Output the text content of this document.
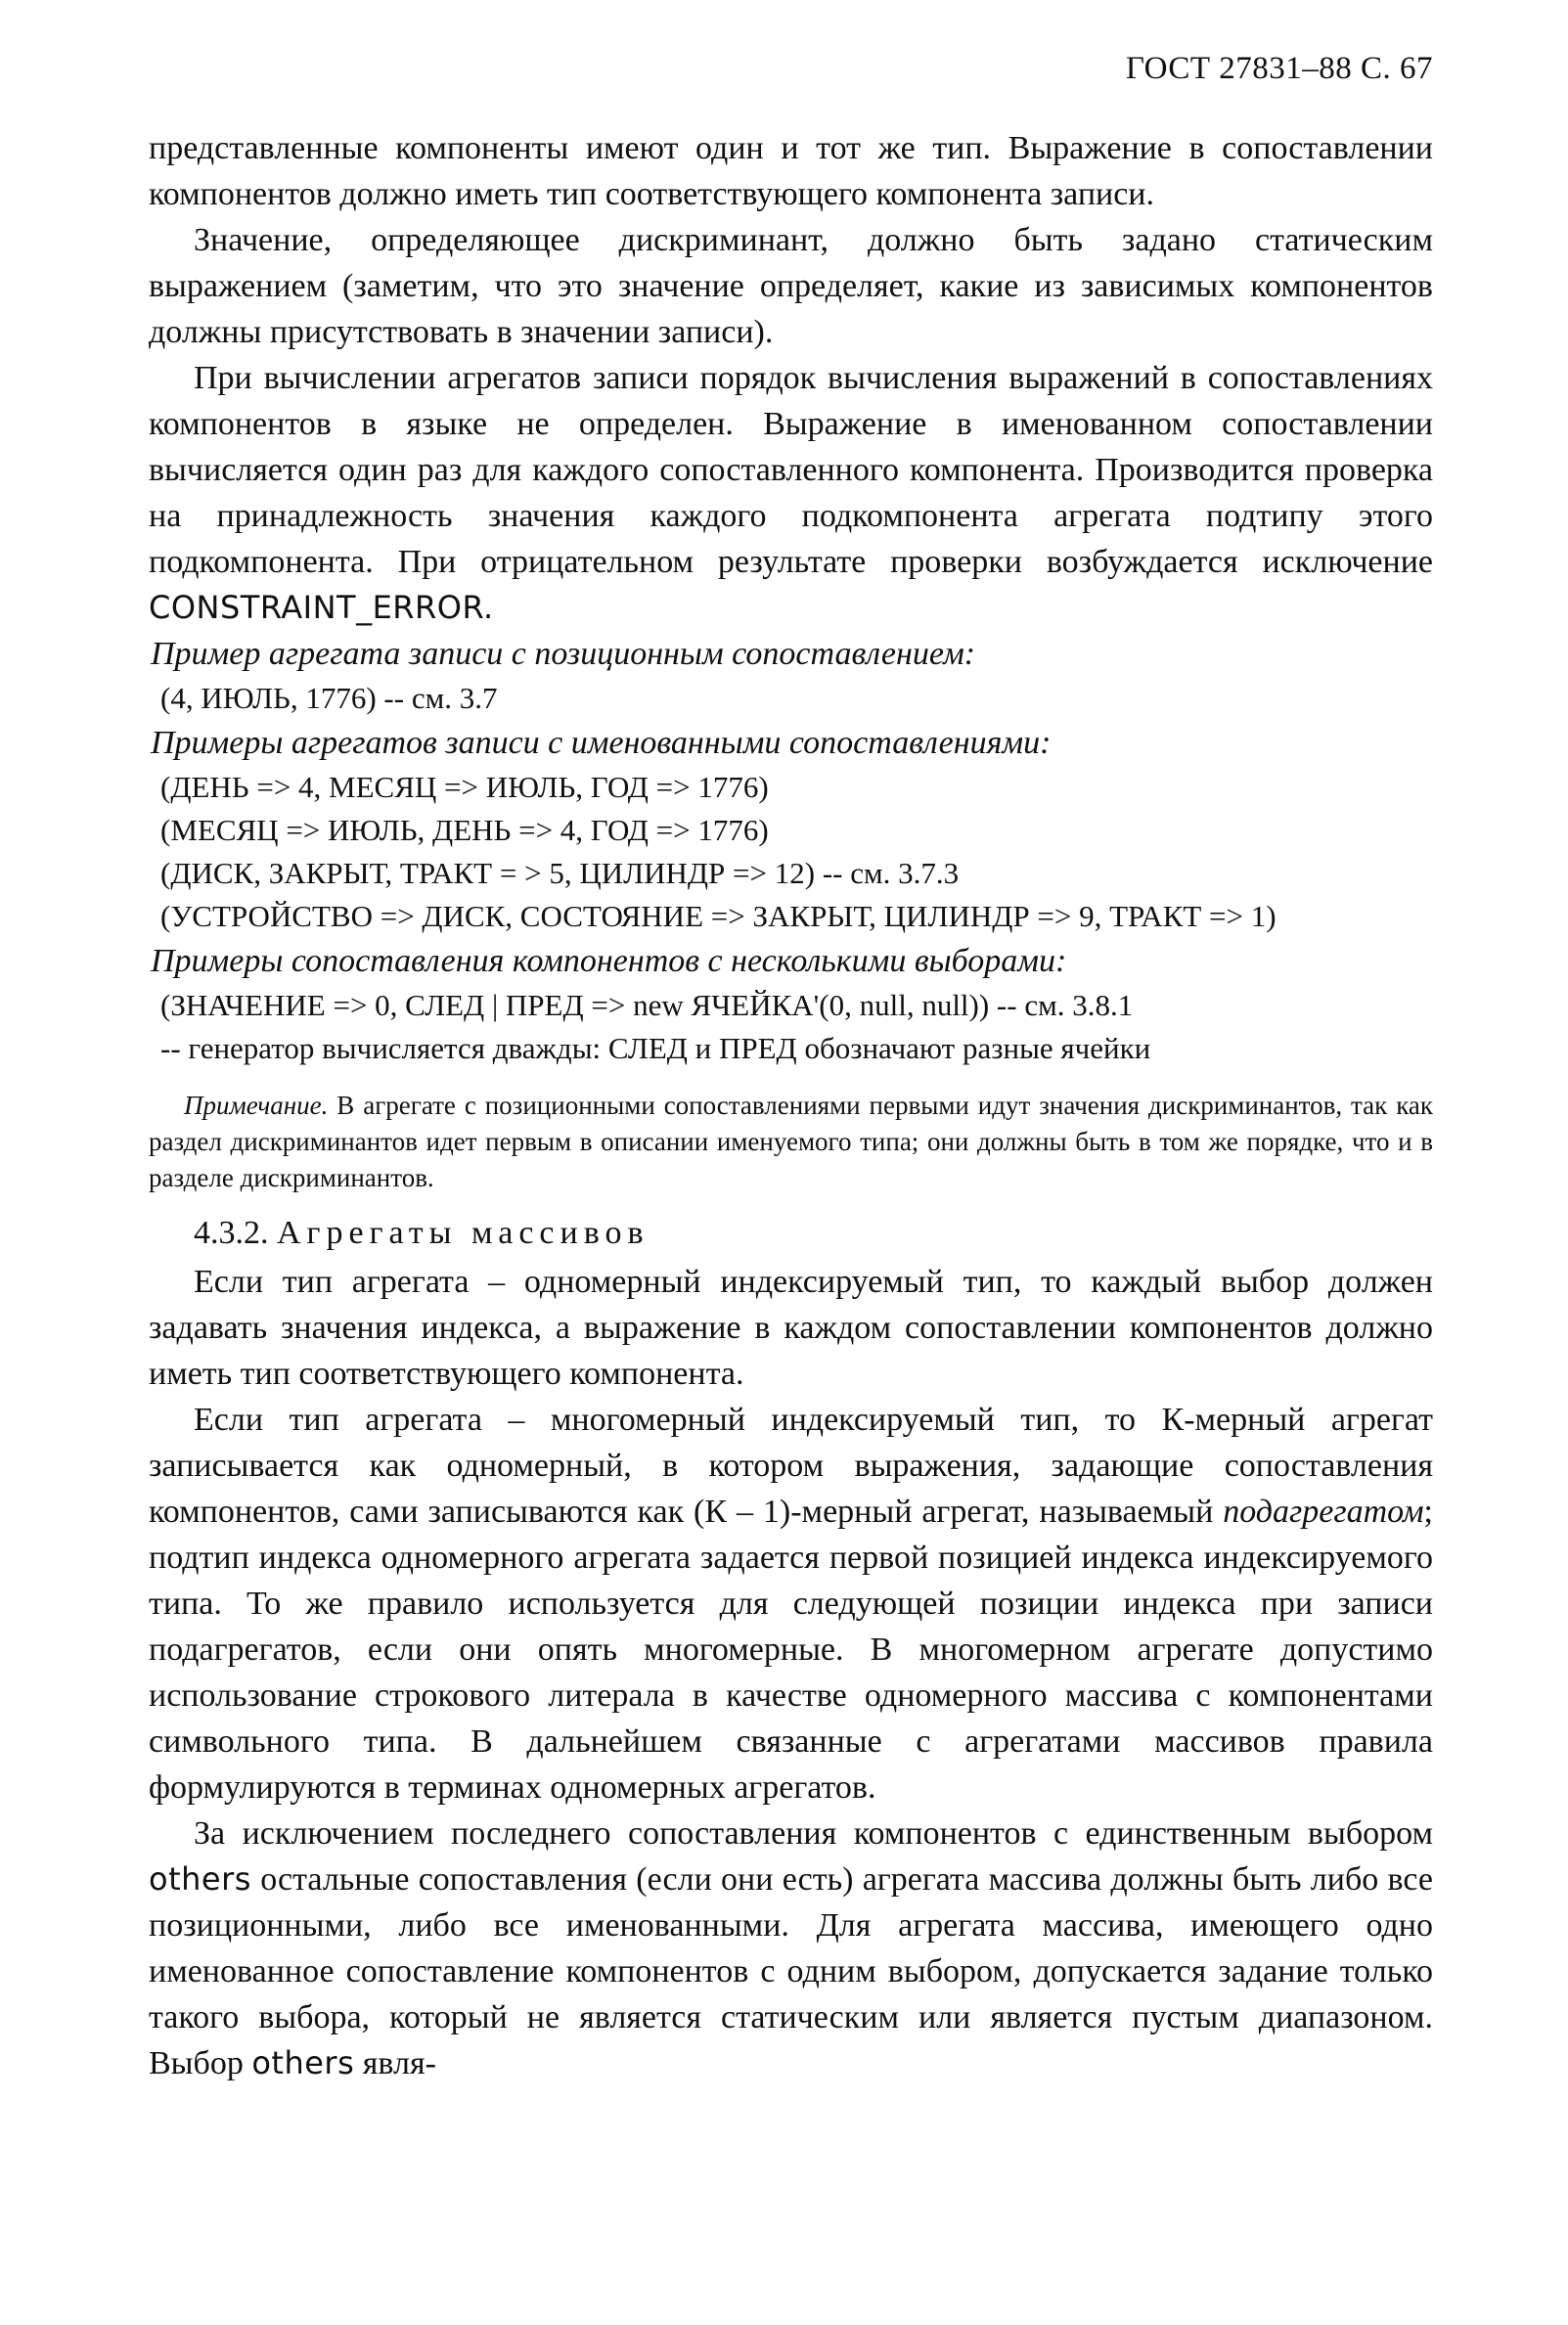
ГОСТ 27831–88 С. 67

представленные компоненты имеют один и тот же тип. Выражение в сопоставлении компонентов должно иметь тип соответствующего компонента записи.

Значение, определяющее дискриминант, должно быть задано статическим выражением (заметим, что это значение определяет, какие из зависимых компонентов должны присутствовать в значении записи).

При вычислении агрегатов записи порядок вычисления выражений в сопоставлениях компонентов в языке не определен. Выражение в именованном сопоставлении вычисляется один раз для каждого сопоставленного компонента. Производится проверка на принадлежность значения каждого подкомпонента агрегата подтипу этого подкомпонента. При отрицательном результате проверки возбуждается исключение CONSTRAINT_ERROR.

Пример агрегата записи с позиционным сопоставлением:
(4, ИЮЛЬ, 1776) -- см. 3.7
Примеры агрегатов записи с именованными сопоставлениями:
(ДЕНЬ => 4, МЕСЯЦ => ИЮЛЬ, ГОД => 1776)
(МЕСЯЦ => ИЮЛЬ, ДЕНЬ => 4, ГОД => 1776)
(ДИСК, ЗАКРЫТ, ТРАКТ = > 5, ЦИЛИНДР => 12) -- см. 3.7.3
(УСТРОЙСТВО => ДИСК, СОСТОЯНИЕ => ЗАКРЫТ, ЦИЛИНДР => 9, ТРАКТ => 1)
Примеры сопоставления компонентов с несколькими выборами:
(ЗНАЧЕНИЕ => 0, СЛЕД | ПРЕД => new ЯЧЕЙКА'(0, null, null)) -- см. 3.8.1
-- генератор вычисляется дважды: СЛЕД и ПРЕД обозначают разные ячейки

Примечание. В агрегате с позиционными сопоставлениями первыми идут значения дискриминантов, так как раздел дискриминантов идет первым в описании именуемого типа; они должны быть в том же порядке, что и в разделе дискриминантов.

4.3.2. Агрегаты массивов

Если тип агрегата – одномерный индексируемый тип, то каждый выбор должен задавать значения индекса, а выражение в каждом сопоставлении компонентов должно иметь тип соответствующего компонента.

Если тип агрегата – многомерный индексируемый тип, то К-мерный агрегат записывается как одномерный, в котором выражения, задающие сопоставления компонентов, сами записываются как (К – 1)-мерный агрегат, называемый подагрегатом; подтип индекса одномерного агрегата задается первой позицией индекса индексируемого типа. То же правило используется для следующей позиции индекса при записи подагрегатов, если они опять многомерные. В многомерном агрегате допустимо использование строкового литерала в качестве одномерного массива с компонентами символьного типа. В дальнейшем связанные с агрегатами массивов правила формулируются в терминах одномерных агрегатов.

За исключением последнего сопоставления компонентов с единственным выбором others остальные сопоставления (если они есть) агрегата массива должны быть либо все позиционными, либо все именованными. Для агрегата массива, имеющего одно именованное сопоставление компонентов с одним выбором, допускается задание только такого выбора, который не является статическим или является пустым диапазоном. Выбор others явля-
